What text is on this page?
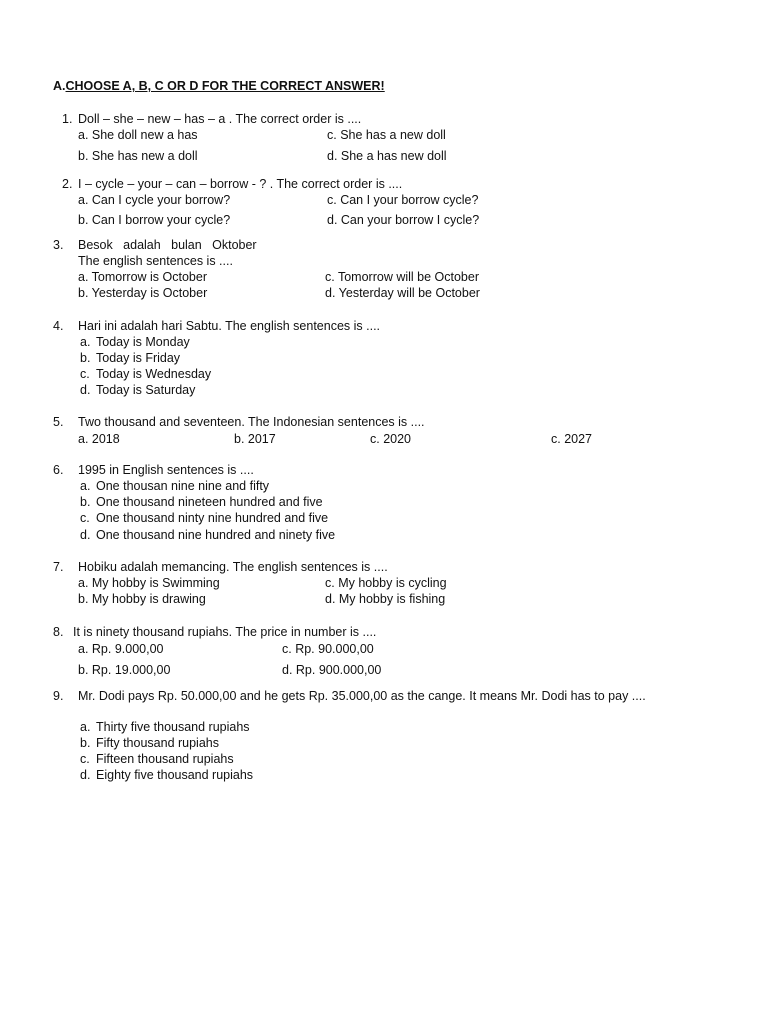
A.CHOOSE A, B, C OR D FOR THE CORRECT ANSWER!
1. Doll – she – new – has – a . The correct order is ....
a. She doll new a has	c. She has a new doll
b. She has new a doll	d. She a has new doll
2. I – cycle – your – can – borrow - ? . The correct order is ....
a. Can I cycle your borrow?	c. Can I your borrow cycle?
b. Can I borrow your cycle?	d. Can your borrow I cycle?
3. Besok   adalah   bulan   Oktober
The english sentences is ....
a. Tomorrow is October	c. Tomorrow will be October
b. Yesterday is October	d. Yesterday will be October
4. Hari ini adalah hari Sabtu. The english sentences is ....
a. Today is Monday
b. Today is Friday
c. Today is Wednesday
d. Today is Saturday
5. Two thousand and seventeen. The Indonesian sentences is ....
a. 2018	b. 2017	c. 2020	c. 2027
6. 1995 in English sentences is ....
a. One thousan nine nine and fifty
b. One thousand nineteen hundred and five
c. One thousand ninty nine hundred and five
d. One thousand nine hundred and ninety five
7. Hobiku adalah memancing. The english sentences is ....
a. My hobby is Swimming	c. My hobby is cycling
b. My hobby is drawing	d. My hobby is fishing
8. It is ninety thousand rupiahs. The price in number is ....
a. Rp. 9.000,00	c. Rp. 90.000,00
b. Rp. 19.000,00	d. Rp. 900.000,00
9. Mr. Dodi pays Rp. 50.000,00 and he gets Rp. 35.000,00 as the cange. It means Mr. Dodi has to pay ....
a. Thirty five thousand rupiahs
b. Fifty thousand rupiahs
c. Fifteen thousand rupiahs
d. Eighty five thousand rupiahs
